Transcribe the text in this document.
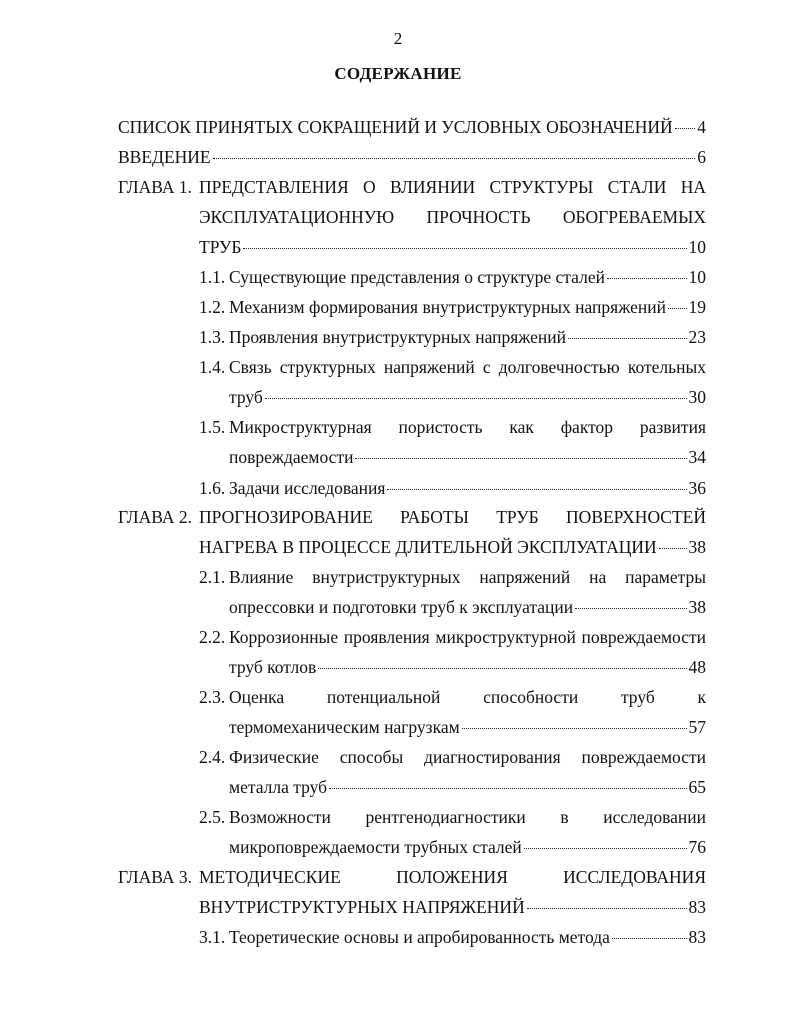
2
СОДЕРЖАНИЕ
СПИСОК ПРИНЯТЫХ СОКРАЩЕНИЙ И УСЛОВНЫХ ОБОЗНАЧЕНИЙ 4
ВВЕДЕНИЕ	6
ГЛАВА 1. ПРЕДСТАВЛЕНИЯ О ВЛИЯНИИ СТРУКТУРЫ СТАЛИ НА
ЭКСПЛУАТАЦИОННУЮ ПРОЧНОСТЬ ОБОГРЕВАЕМЫХ
ТРУБ	10
1.1. Существующие представления о структуре сталей	10
1.2. Механизм формирования внутриструктурных напряжений 19
1.3. Проявления внутриструктурных напряжений	23
1.4. Связь структурных напряжений с долговечностью котельных
труб	30
1.5. Микроструктурная пористость как фактор развития
повреждаемости	34
1.6. Задачи исследования	36
ГЛАВА 2. ПРОГНОЗИРОВАНИЕ РАБОТЫ ТРУБ ПОВЕРХНОСТЕЙ
НАГРЕВА В ПРОЦЕССЕ ДЛИТЕЛЬНОЙ ЭКСПЛУАТАЦИИ 38
2.1. Влияние внутриструктурных напряжений на параметры
опрессовки и подготовки труб к эксплуатации	38
2.2. Коррозионные проявления микроструктурной повреждаемости
труб котлов	48
2.3. Оценка потенциальной способности труб к
термомеханическим нагрузкам	57
2.4. Физические способы диагностирования повреждаемости
металла труб	65
2.5. Возможности рентгенодиагностики в исследовании
микроповреждаемости трубных сталей	76
ГЛАВА 3. МЕТОДИЧЕСКИЕ ПОЛОЖЕНИЯ ИССЛЕДОВАНИЯ
ВНУТРИСТРУКТУРНЫХ НАПРЯЖЕНИЙ	83
3.1. Теоретические основы и апробированность метода	83
